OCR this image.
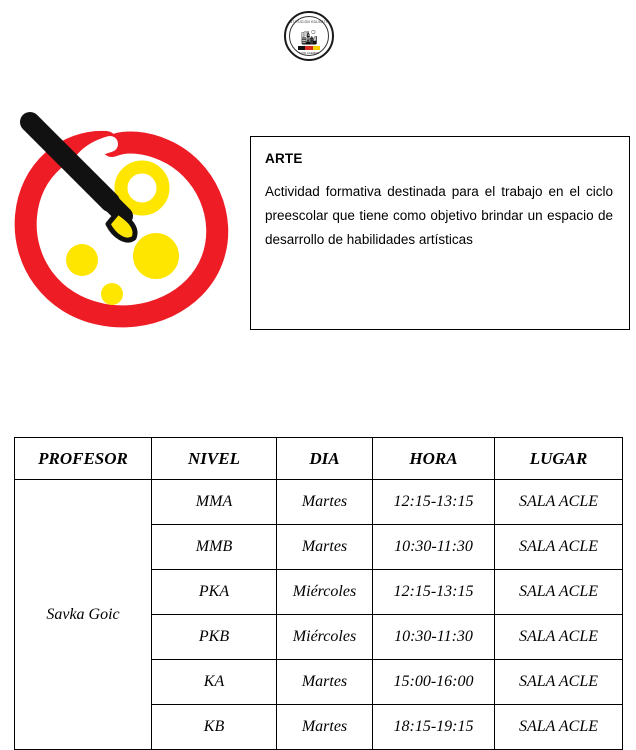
INSTITUCION EDUCATIVA
🏙
ALTO ALEMAN
ARTE
Actividad formativa destinada para el trabajo en el ciclo preescolar que tiene como objetivo brindar un espacio de desarrollo de habilidades artísticas
PROFESOR	NIVEL	DIA	HORA	LUGAR
Savka Goic	MMA	Martes	12:15-13:15	SALA ACLE
	MMB	Martes	10:30-11:30	SALA ACLE
	PKA	Miércoles	12:15-13:15	SALA ACLE
	PKB	Miércoles	10:30-11:30	SALA ACLE
	KA	Martes	15:00-16:00	SALA ACLE
	KB	Martes	18:15-19:15	SALA ACLE
